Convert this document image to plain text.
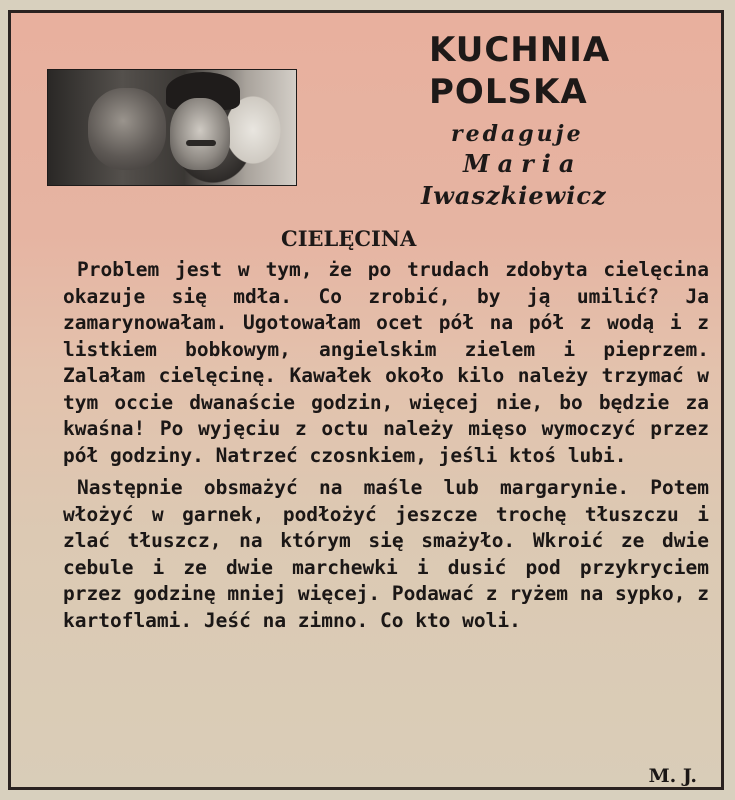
KUCHNIA
POLSKA

redaguje

Maria

Iwaszkiewicz

CIELĘCINA

Problem jest w tym, że po trudach zdobyta cielęcina okazuje się mdła. Co zrobić, by ją umilić? Ja zamarynowałam. Ugotowałam ocet pół na pół z wodą i z listkiem bobkowym, angielskim zielem i pieprzem. Zalałam cielęcinę. Kawałek około kilo należy trzymać w tym occie dwanaście godzin, więcej nie, bo będzie za kwaśna! Po wyjęciu z octu należy mięso wymoczyć przez pół godziny. Natrzeć czosnkiem, jeśli ktoś lubi.

Następnie obsmażyć na maśle lub margarynie. Potem włożyć w garnek, podłożyć jeszcze trochę tłuszczu i zlać tłuszcz, na którym się smażyło. Wkroić ze dwie cebule i ze dwie marchewki i dusić pod przykryciem przez godzinę mniej więcej. Podawać z ryżem na sypko, z kartoflami. Jeść na zimno. Co kto woli.

M. J.
